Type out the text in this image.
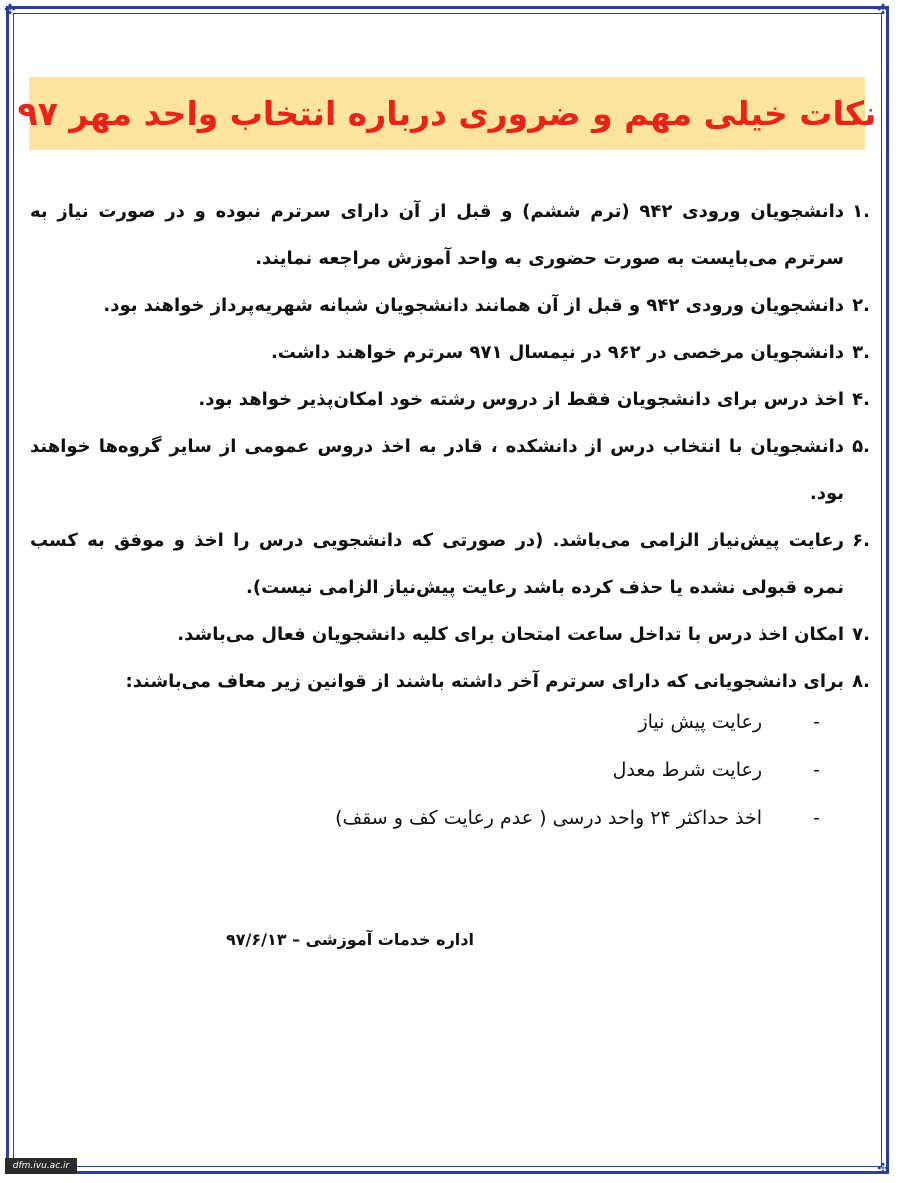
✣	✣
✣
نکات خیلی مهم و ضروری درباره انتخاب واحد مهر ۹۷
.۱
دانشجویان ورودی ۹۴۲ (ترم ششم) و قبل از آن دارای سرترم نبوده و در صورت نیاز به سرترم می‌بایست به صورت حضوری به واحد آموزش مراجعه نمایند.
.۲
دانشجویان ورودی ۹۴۲ و قبل از آن همانند دانشجویان شبانه شهریه‌پرداز خواهند بود.
.۳
دانشجویان مرخصی در ۹۶۲ در نیمسال ۹۷۱ سرترم خواهند داشت.
.۴
اخذ درس برای دانشجویان فقط از دروس رشته خود امکان‌پذیر خواهد بود.
.۵
دانشجویان با انتخاب درس از دانشکده ، قادر به اخذ دروس عمومی از سایر گروه‌ها خواهند بود.
.۶
رعایت پیش‌نیاز الزامی می‌باشد. (در صورتی که دانشجویی درس را اخذ و موفق به کسب نمره قبولی نشده یا حذف کرده باشد رعایت پیش‌نیاز الزامی نیست).
.۷
امکان اخذ درس با تداخل ساعت امتحان برای کلیه دانشجویان فعال می‌باشد.
.۸
برای دانشجویانی که دارای سرترم آخر داشته باشند از قوانین زیر معاف می‌باشند:
-
رعایت پیش نیاز
-
رعایت شرط معدل
-
اخذ حداکثر ۲۴ واحد درسی ( عدم رعایت کف و سقف)
اداره خدمات آموزشی – ۹۷/۶/۱۳
dfm.ivu.ac.ir
